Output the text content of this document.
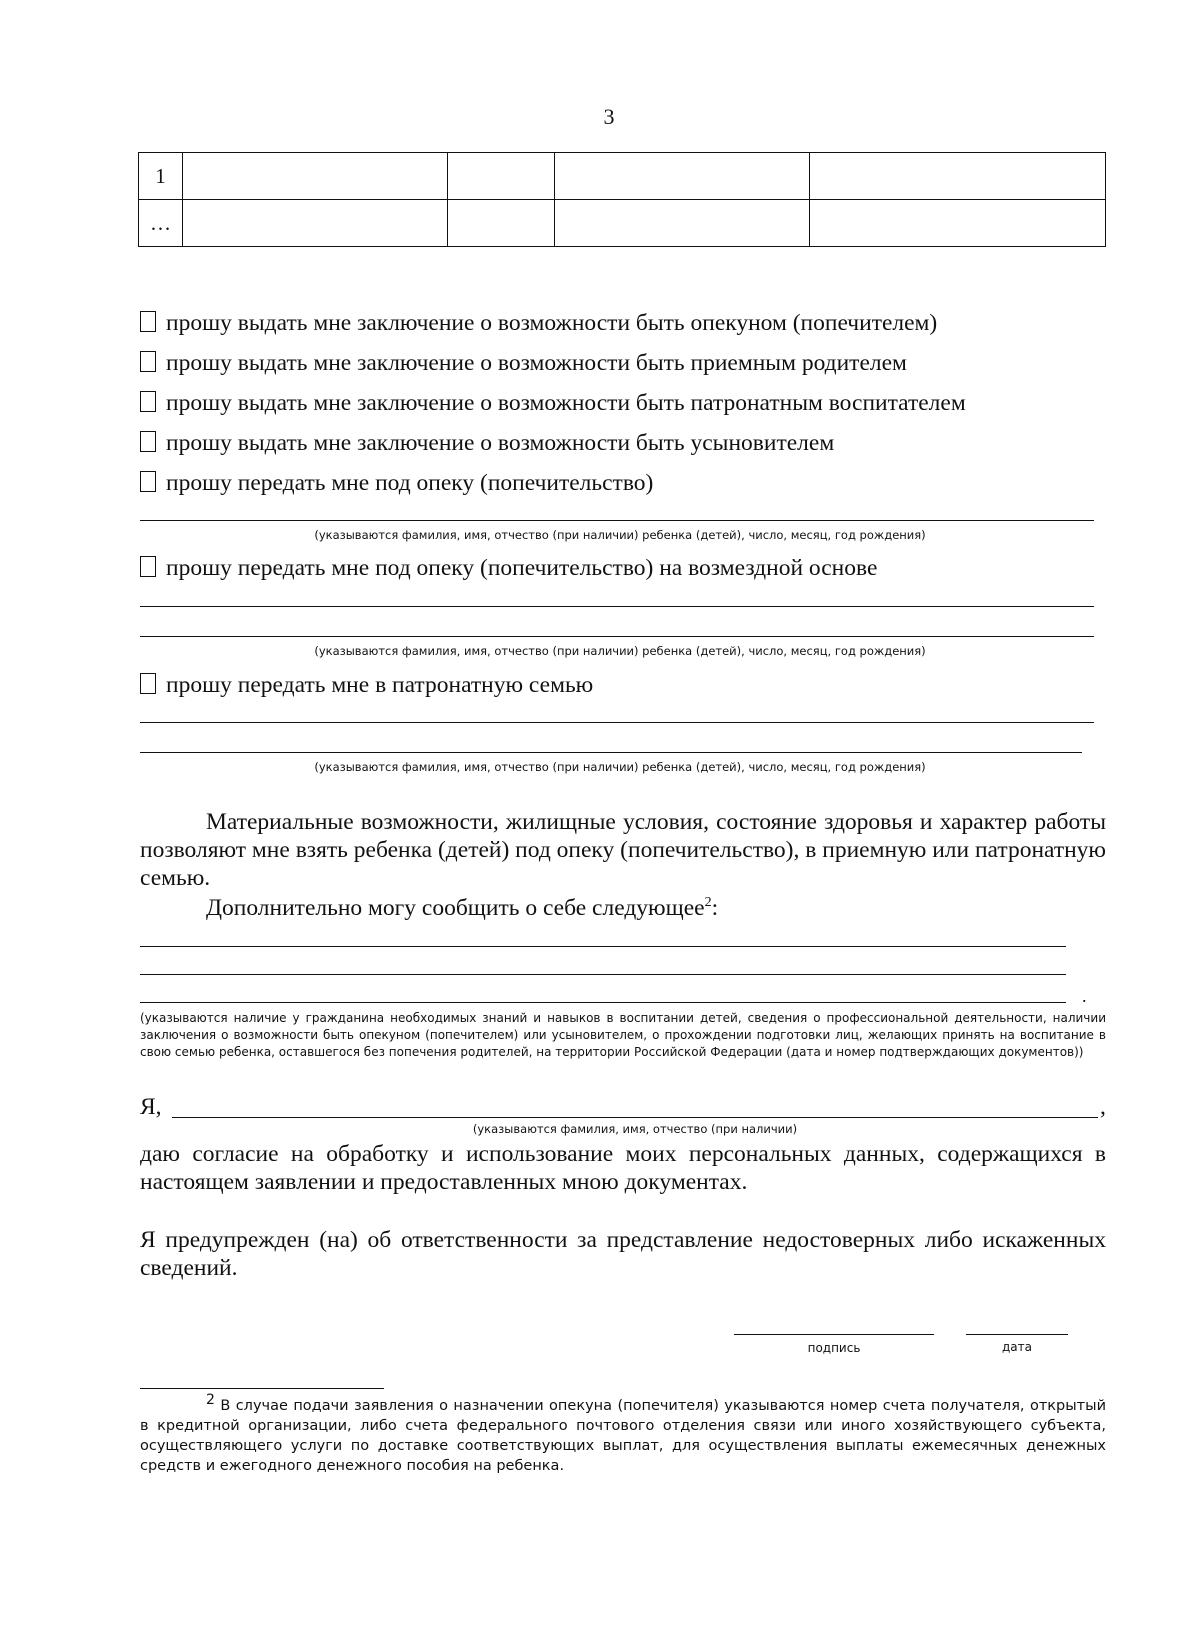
3
1				
…				
прошу выдать мне заключение о возможности быть опекуном (попечителем)
прошу выдать мне заключение о возможности быть приемным родителем
прошу выдать мне заключение о возможности быть патронатным воспитателем
прошу выдать мне заключение о возможности быть усыновителем
прошу передать мне под опеку (попечительство)
(указываются фамилия, имя, отчество (при наличии) ребенка (детей), число, месяц, год рождения)
прошу передать мне под опеку (попечительство) на возмездной основе
(указываются фамилия, имя, отчество (при наличии) ребенка (детей), число, месяц, год рождения)
прошу передать мне в патронатную семью
(указываются фамилия, имя, отчество (при наличии) ребенка (детей), число, месяц, год рождения)
Материальные возможности, жилищные условия, состояние здоровья и характер работы позволяют мне взять ребенка (детей) под опеку (попечительство), в приемную или патронатную семью.
Дополнительно могу сообщить о себе следующее$^2$:
.
(указываются наличие у гражданина необходимых знаний и навыков в воспитании детей, сведения о профессиональной деятельности, наличии заключения о возможности быть опекуном (попечителем) или усыновителем, о прохождении подготовки лиц, желающих принять на воспитание в свою семью ребенка, оставшегося без попечения родителей, на территории Российской Федерации (дата и номер подтверждающих документов))
Я,	,
(указываются фамилия, имя, отчество (при наличии)
даю согласие на обработку и использование моих персональных данных, содержащихся в настоящем заявлении и предоставленных мною документах.
Я предупрежден (на) об ответственности за представление недостоверных либо искаженных сведений.
подпись	дата
$^2$ В случае подачи заявления о назначении опекуна (попечителя) указываются номер счета получателя, открытый в кредитной организации, либо счета федерального почтового отделения связи или иного хозяйствующего субъекта, осуществляющего услуги по доставке соответствующих выплат, для осуществления выплаты ежемесячных денежных средств и ежегодного денежного пособия на ребенка.
